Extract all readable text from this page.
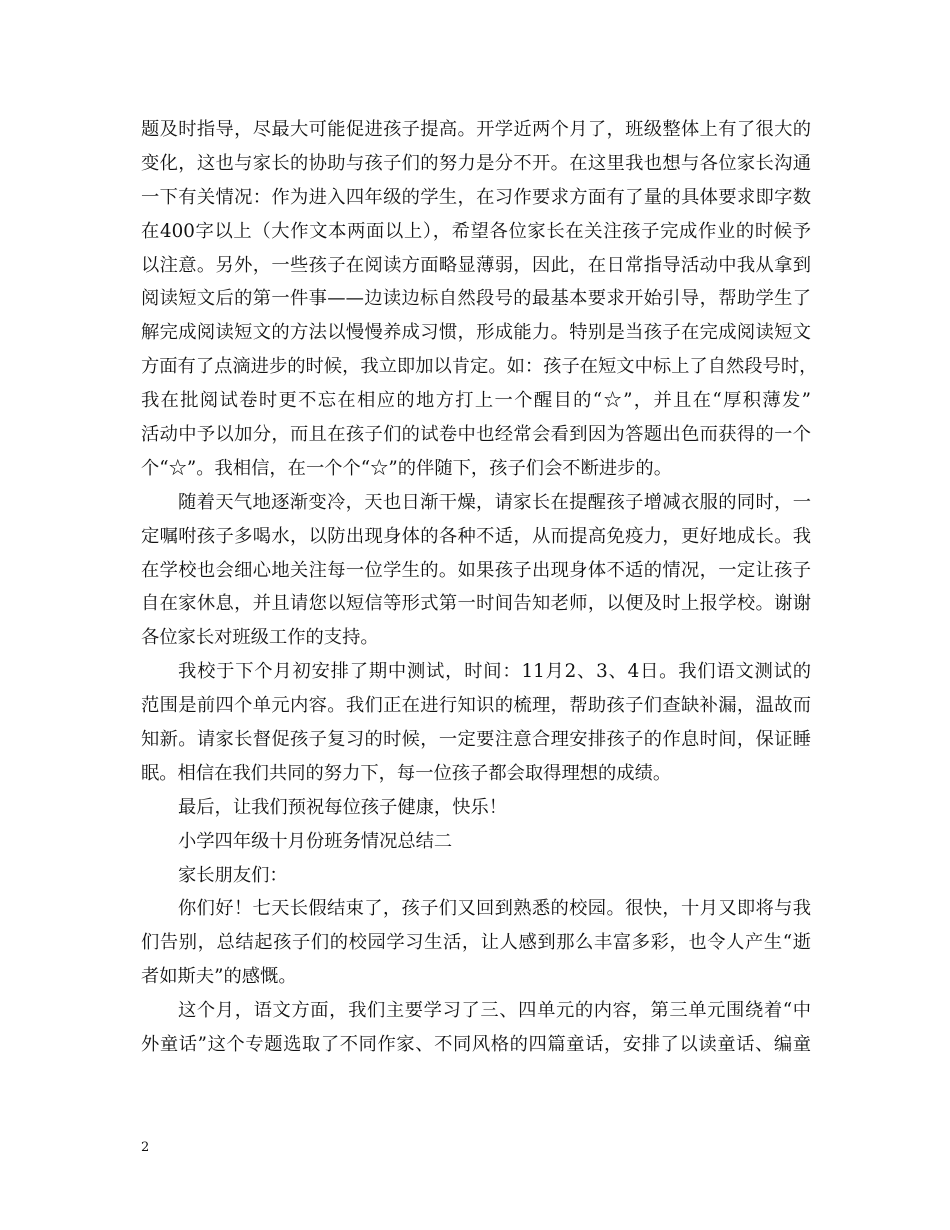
题及时指导，尽最大可能促进孩子提高。开学近两个月了，班级整体上有了很大的
变化，这也与家长的协助与孩子们的努力是分不开。在这里我也想与各位家长沟通
一下有关情况：作为进入四年级的学生，在习作要求方面有了量的具体要求即字数
在400字以上（大作文本两面以上），希望各位家长在关注孩子完成作业的时候予
以注意。另外，一些孩子在阅读方面略显薄弱，因此，在日常指导活动中我从拿到
阅读短文后的第一件事——边读边标自然段号的最基本要求开始引导，帮助学生了
解完成阅读短文的方法以慢慢养成习惯，形成能力。特别是当孩子在完成阅读短文
方面有了点滴进步的时候，我立即加以肯定。如：孩子在短文中标上了自然段号时，
我在批阅试卷时更不忘在相应的地方打上一个醒目的“☆”，并且在“厚积薄发”
活动中予以加分，而且在孩子们的试卷中也经常会看到因为答题出色而获得的一个
个“☆”。我相信，在一个个“☆”的伴随下，孩子们会不断进步的。
随着天气地逐渐变冷，天也日渐干燥，请家长在提醒孩子增减衣服的同时，一
定嘱咐孩子多喝水，以防出现身体的各种不适，从而提高免疫力，更好地成长。我
在学校也会细心地关注每一位学生的。如果孩子出现身体不适的情况，一定让孩子
自在家休息，并且请您以短信等形式第一时间告知老师，以便及时上报学校。谢谢
各位家长对班级工作的支持。
我校于下个月初安排了期中测试，时间：11月2、3、4日。我们语文测试的
范围是前四个单元内容。我们正在进行知识的梳理，帮助孩子们查缺补漏，温故而
知新。请家长督促孩子复习的时候，一定要注意合理安排孩子的作息时间，保证睡
眠。相信在我们共同的努力下，每一位孩子都会取得理想的成绩。
最后，让我们预祝每位孩子健康，快乐！
小学四年级十月份班务情况总结二
家长朋友们：
你们好！七天长假结束了，孩子们又回到熟悉的校园。很快，十月又即将与我
们告别，总结起孩子们的校园学习生活，让人感到那么丰富多彩，也令人产生“逝
者如斯夫”的感慨。
这个月，语文方面，我们主要学习了三、四单元的内容，第三单元围绕着“中
外童话”这个专题选取了不同作家、不同风格的四篇童话，安排了以读童话、编童
2
